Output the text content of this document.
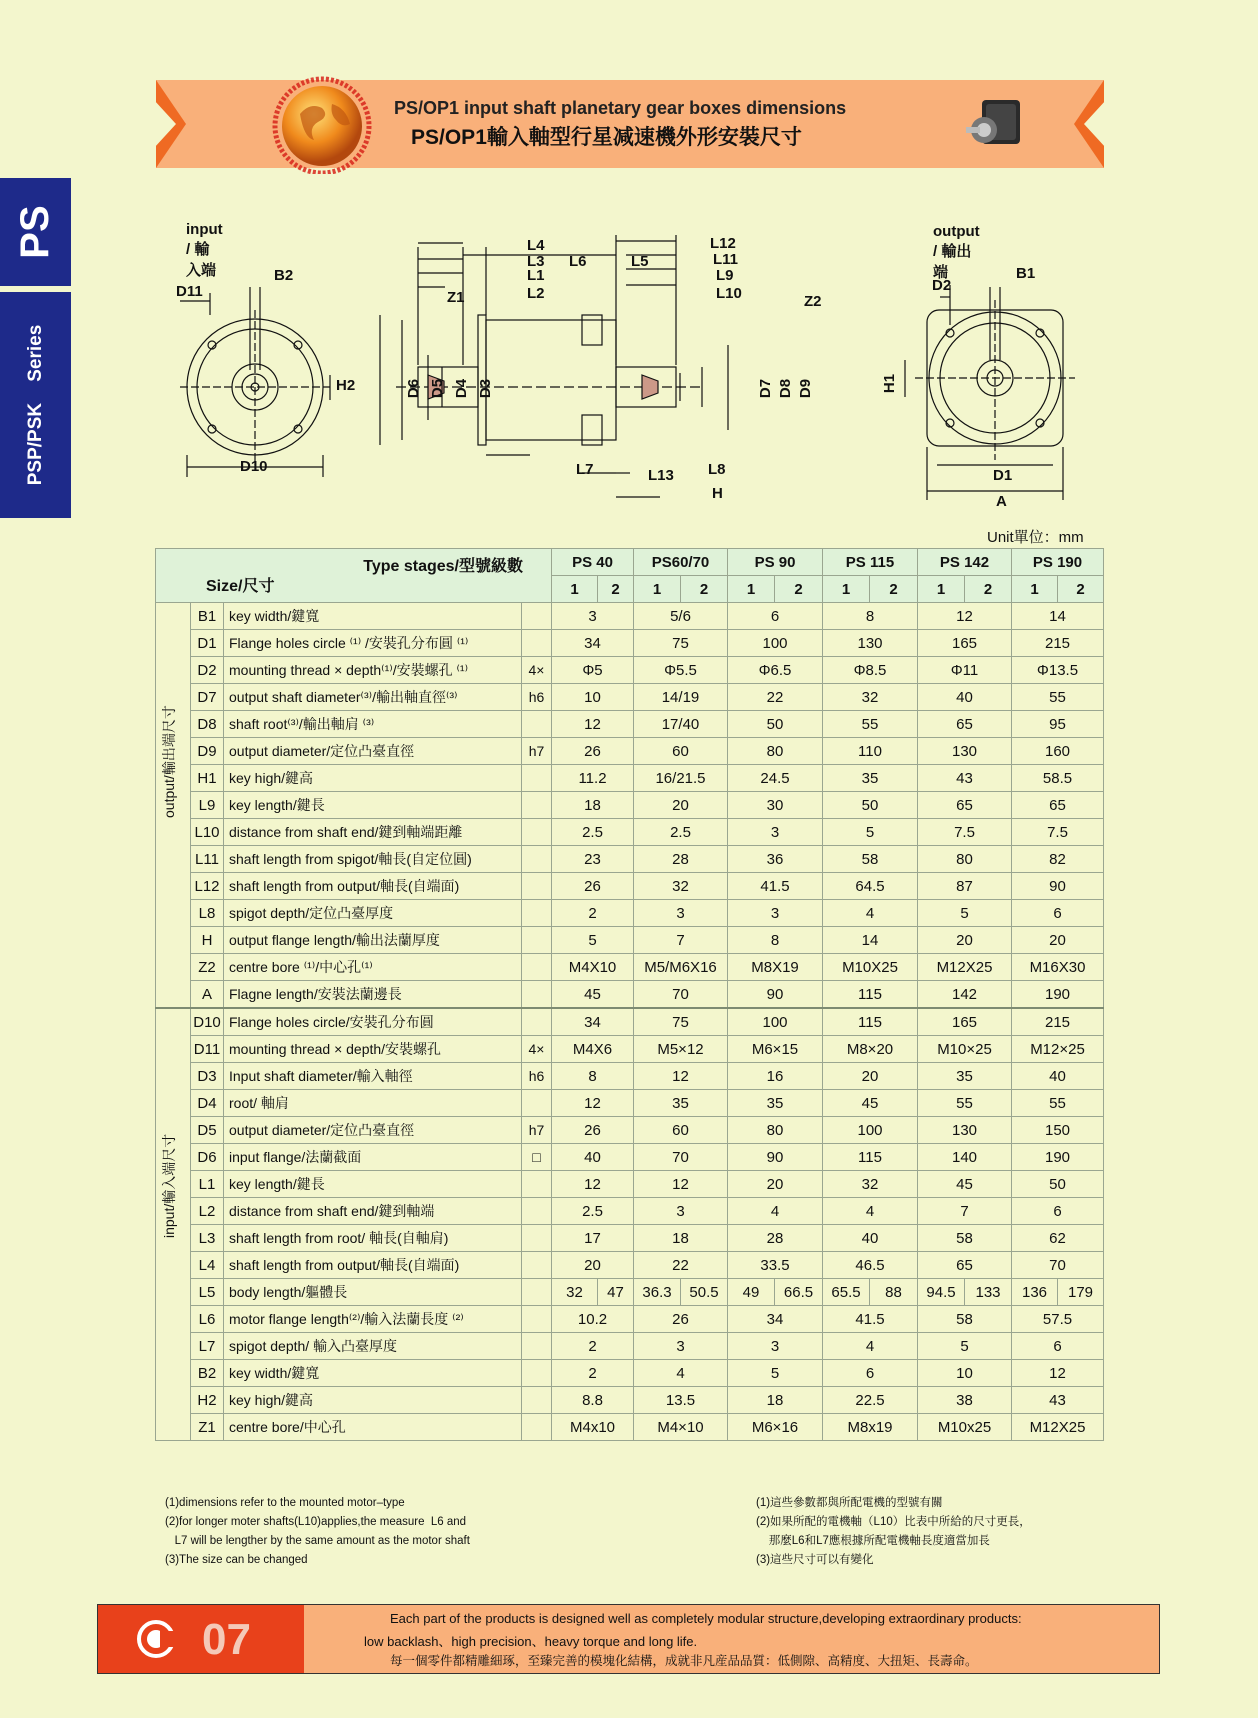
PS
PSP/PSK    Series
PS/OP1 input shaft planetary gear boxes dimensions
PS/OP1輸入軸型行星减速機外形安裝尺寸
input / 輸入端
output / 輸出端
D11
B2
H2
D10
L4
L3
L1
L2
L6	L5
L12
L11
L9
L10
Z1	Z2
D6 D5 D4 D3	D7 D8 D9
L7	L13 L8
H
D2
B1
H1
D1
A
Unit單位：mm
Type stages/型號級數
Size/尺寸				PS 40		PS60/70		PS 90		PS 115		PS 142		PS 190	
				1	2	1	2	1	2	1	2	1	2	1	2

output/輸出端尺寸	B1	key width/鍵寬		3		5/6		6		8		12		14	
	D1	Flange holes circle ⁽¹⁾ /安裝孔分布圓 ⁽¹⁾		34		75		100		130		165		215	
	D2	mounting thread × depth⁽¹⁾/安裝螺孔 ⁽¹⁾	4×	Φ5		Φ5.5		Φ6.5		Φ8.5		Φ11		Φ13.5	
	D7	output shaft diameter⁽³⁾/輸出軸直徑⁽³⁾	h6	10		14/19		22		32		40		55	
	D8	shaft root⁽³⁾/輸出軸肩 ⁽³⁾		12		17/40		50		55		65		95	
	D9	output diameter/定位凸臺直徑	h7	26		60		80		110		130		160	
	H1	key high/鍵高		11.2		16/21.5		24.5		35		43		58.5	
	L9	key length/鍵長		18		20		30		50		65		65	
	L10	distance from shaft end/鍵到軸端距離		2.5		2.5		3		5		7.5		7.5	
	L11	shaft length from spigot/軸長(自定位圓)		23		28		36		58		80		82	
	L12	shaft length from output/軸長(自端面)		26		32		41.5		64.5		87		90	
	L8	spigot depth/定位凸臺厚度		2		3		3		4		5		6	
	H	output flange length/輸出法蘭厚度		5		7		8		14		20		20	
	Z2	centre bore ⁽¹⁾/中心孔⁽¹⁾		M4X10		M5/M6X16		M8X19		M10X25		M12X25		M16X30	
	A	Flagne length/安裝法蘭邊長		45		70		90		115		142		190	

input/輸入端尺寸	D10	Flange holes circle/安裝孔分布圓		34		75		100		115		165		215	
	D11	mounting thread × depth/安裝螺孔	4×	M4X6		M5×12		M6×15		M8×20		M10×25		M12×25	
	D3	Input shaft diameter/輸入軸徑	h6	8		12		16		20		35		40	
	D4	root/ 軸肩		12		35		35		45		55		55	
	D5	output diameter/定位凸臺直徑	h7	26		60		80		100		130		150	
	D6	input flange/法蘭截面	□	40		70		90		115		140		190	
	L1	key length/鍵長		12		12		20		32		45		50	
	L2	distance from shaft end/鍵到軸端		2.5		3		4		4		7		6	
	L3	shaft length from root/ 軸長(自軸肩)		17		18		28		40		58		62	
	L4	shaft length from output/軸長(自端面)		20		22		33.5		46.5		65		70	
	L5	body length/軀體長		32	47	36.3	50.5	49	66.5	65.5	88	94.5	133	136	179
	L6	motor flange length⁽²⁾/輸入法蘭長度 ⁽²⁾		10.2		26		34		41.5		58		57.5	
	L7	spigot depth/ 輸入凸臺厚度		2		3		3		4		5		6	
	B2	key width/鍵寬		2		4		5		6		10		12	
	H2	key high/鍵高		8.8		13.5		18		22.5		38		43	
	Z1	centre bore/中心孔		M4x10		M4×10		M6×16		M8x19		M10x25		M12X25	
(1)dimensions refer to the mounted motor–type
(2)for longer moter shafts(L10)applies,the measure  L6 and
L7 will be lengther by the same amount as the motor shaft
(3)The size can be changed
(1)這些參數都與所配電機的型號有關
(2)如果所配的電機軸（L10）比表中所給的尺寸更長，
那麼L6和L7應根據所配電機軸長度適當加長
(3)這些尺寸可以有變化
07	Each part of the products is designed well as completely modular structure,developing extraordinary products:
low backlash、high precision、heavy torque and long life.
每一個零件都精雕細琢，至臻完善的模塊化結構，成就非凡産品品質：低側隙、高精度、大扭矩、長壽命。
